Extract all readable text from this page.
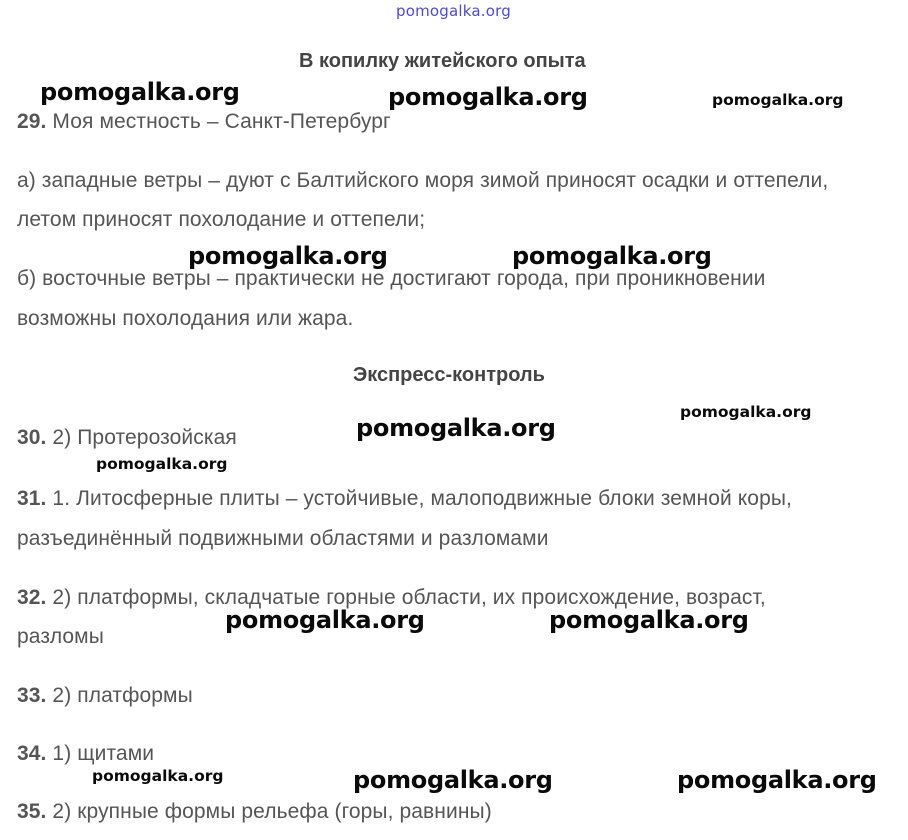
pomogalka.org
В копилку житейского опыта
29. Моя местность – Санкт-Петербург
а) западные ветры – дуют с Балтийского моря зимой приносят осадки и оттепели,
летом приносят похолодание и оттепели;
б) восточные ветры – практически не достигают города, при проникновении
возможны похолодания или жара.
Экспресс-контроль
30. 2) Протерозойская
31. 1. Литосферные плиты – устойчивые, малоподвижные блоки земной коры,
разъединённый подвижными областями и разломами
32. 2) платформы, складчатые горные области, их происхождение, возраст,
разломы
33. 2) платформы
34. 1) щитами
35. 2) крупные формы рельефа (горы, равнины)
pomogalka.org	pomogalka.org	pomogalka.org
pomogalka.org	pomogalka.org
pomogalka.org
pomogalka.org
pomogalka.org
pomogalka.org	pomogalka.org
pomogalka.org	pomogalka.org	pomogalka.org
